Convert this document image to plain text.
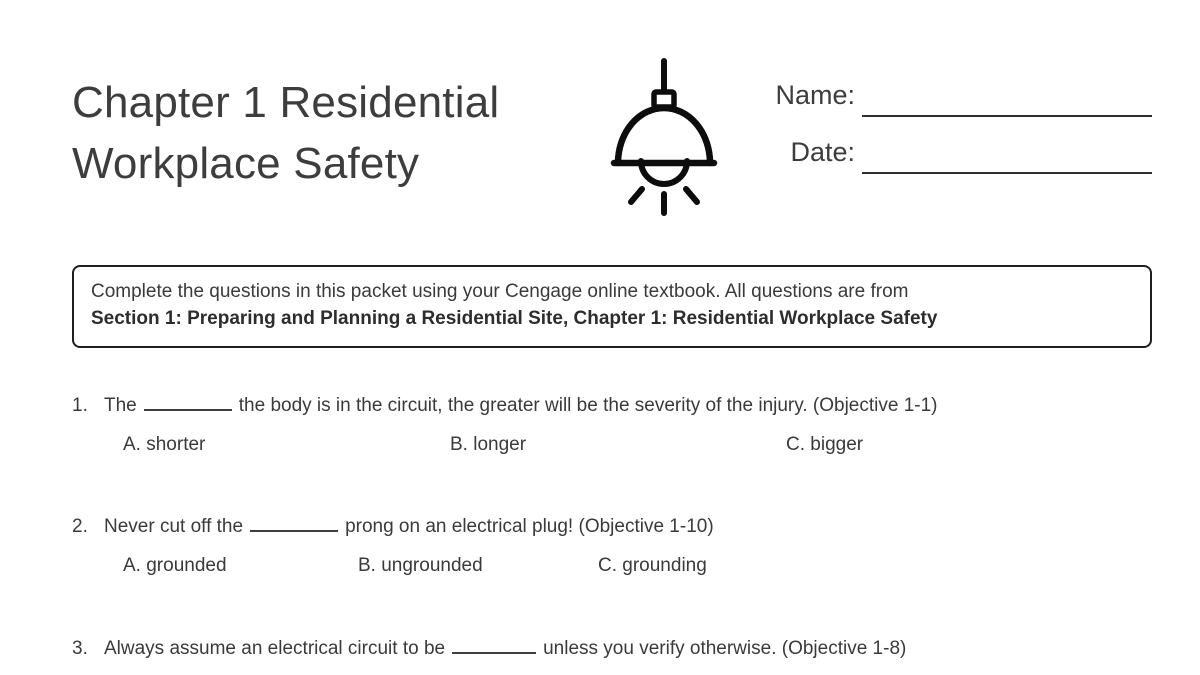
Chapter 1 Residential
Workplace Safety
Name:
Date:
Complete the questions in this packet using your Cengage online textbook. All questions are from
Section 1: Preparing and Planning a Residential Site, Chapter 1: Residential Workplace Safety
1. The	the body is in the circuit, the greater will be the severity of the injury. (Objective 1-1)
A. shorter	B. longer	C. bigger
2. Never cut off the	prong on an electrical plug! (Objective 1-10)
A. grounded	B. ungrounded	C. grounding
3. Always assume an electrical circuit to be	unless you verify otherwise. (Objective 1-8)
